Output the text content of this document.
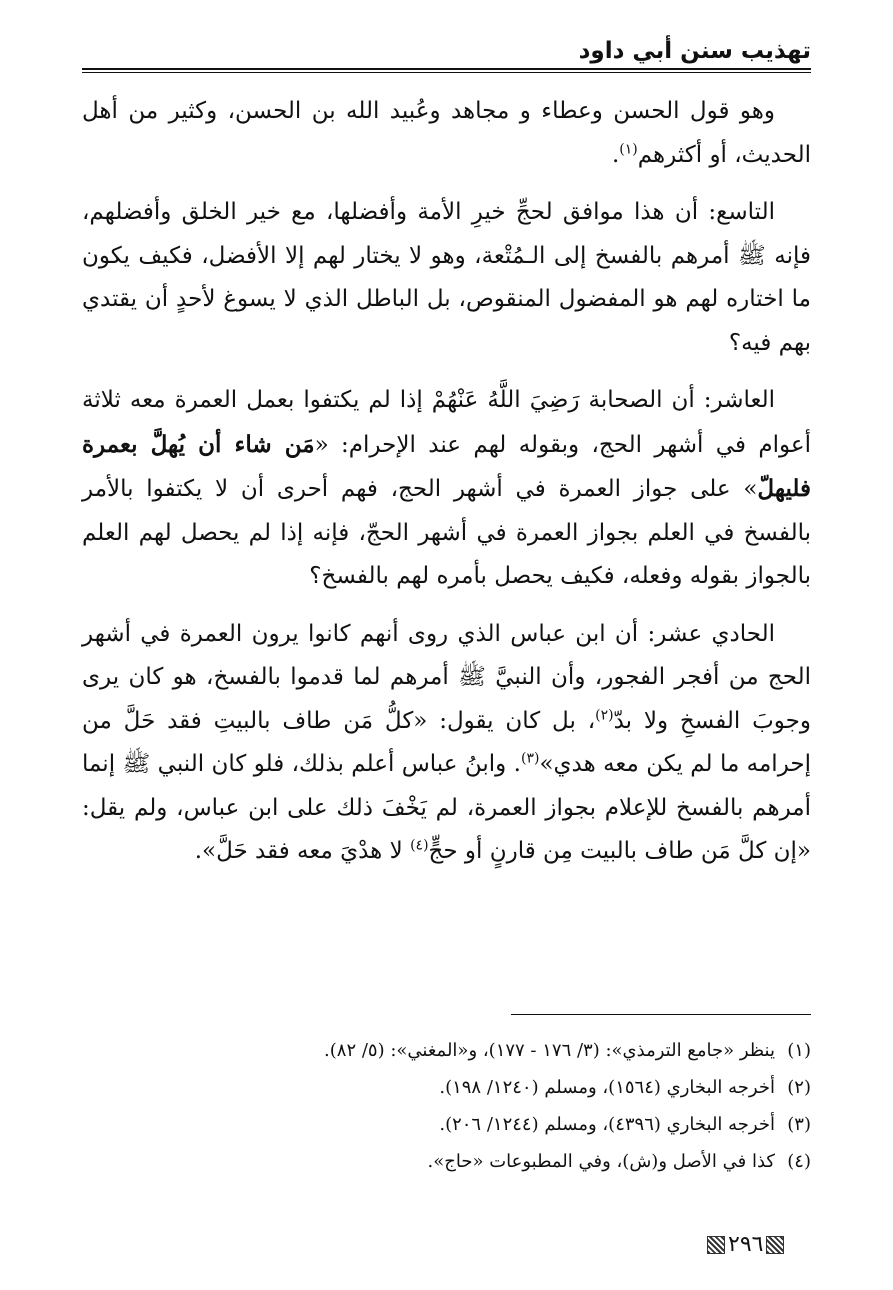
تهذيب سنن أبي داود

وهو قول الحسن وعطاء و مجاهد وعُبيد الله بن الحسن، وكثير من أهل الحديث، أو أكثرهم$^{(١)}$.

التاسع: أن هذا موافق لحجِّ خيرِ الأمة وأفضلها، مع خير الخلق وأفضلهم، فإنه ﷺ أمرهم بالفسخ إلى الـمُتْعة، وهو لا يختار لهم إلا الأفضل، فكيف يكون ما اختاره لهم هو المفضول المنقوص، بل الباطل الذي لا يسوغ لأحدٍ أن يقتدي بهم فيه؟

العاشر: أن الصحابة رَضِيَ اللَّهُ عَنْهُمْ إذا لم يكتفوا بعمل العمرة معه ثلاثة أعوام في أشهر الحج، وبقوله لهم عند الإحرام: «مَن شاء أن يُهلَّ بعمرة فليهلّ» على جواز العمرة في أشهر الحج، فهم أحرى أن لا يكتفوا بالأمر بالفسخ في العلم بجواز العمرة في أشهر الحجّ، فإنه إذا لم يحصل لهم العلم بالجواز بقوله وفعله، فكيف يحصل بأمره لهم بالفسخ؟

الحادي عشر: أن ابن عباس الذي روى أنهم كانوا يرون العمرة في أشهر الحج من أفجر الفجور، وأن النبيَّ ﷺ أمرهم لما قدموا بالفسخ، هو كان يرى وجوبَ الفسخِ ولا بدّ$^{(٢)}$، بل كان يقول: «كلُّ مَن طاف بالبيتِ فقد حَلَّ من إحرامه ما لم يكن معه هدي»$^{(٣)}$. وابنُ عباس أعلم بذلك، فلو كان النبي ﷺ إنما أمرهم بالفسخ للإعلام بجواز العمرة، لم يَخْفَ ذلك على ابن عباس، ولم يقل: «إن كلَّ مَن طاف بالبيت مِن قارنٍ أو حجٍّ$^{(٤)}$ لا هدْيَ معه فقد حَلَّ».

(١)ينظر «جامع الترمذي»: (٣/ ١٧٦ - ١٧٧)، و«المغني»: (٥/ ٨٢).

(٢)أخرجه البخاري (١٥٦٤)، ومسلم (١٢٤٠/ ١٩٨).

(٣)أخرجه البخاري (٤٣٩٦)، ومسلم (١٢٤٤/ ٢٠٦).

(٤)كذا في الأصل و(ش)، وفي المطبوعات «حاج».

٢٩٦
